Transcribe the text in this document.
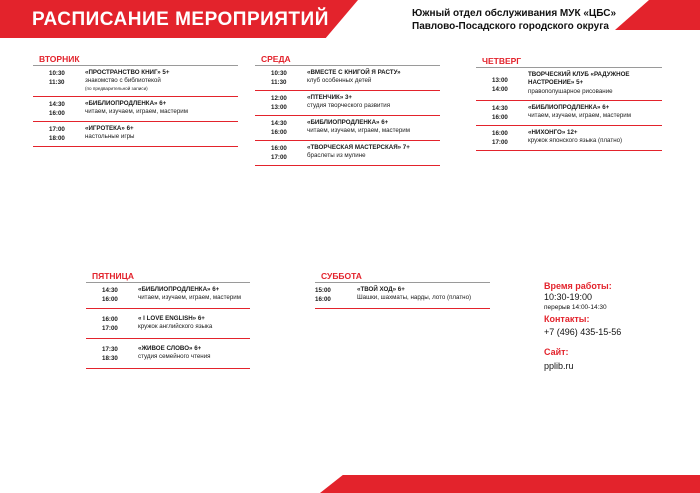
РАСПИСАНИЕ МЕРОПРИЯТИЙ	Южный отдел обслуживания МУК «ЦБС»
Павлово-Посадского городского округа
ВТОРНИК
10:30
11:30
«ПРОСТРАНСТВО КНИГ» 5+
знакомство с библиотекой
(по предварительной записи)
14:30
16:00
«БИБЛИОПРОДЛЕНКА» 6+
читаем, изучаем, играем, мастерим
17:00
18:00
«ИГРОТЕКА» 6+
настольные игры
СРЕДА
10:30
11:30
«ВМЕСТЕ С КНИГОЙ Я РАСТУ»
клуб особенных детей
12:00
13:00
«ПТЕНЧИК» 3+
студия творческого развития
14:30
16:00
«БИБЛИОПРОДЛЕНКА» 6+
читаем, изучаем, играем, мастерим
16:00
17:00
«ТВОРЧЕСКАЯ МАСТЕРСКАЯ» 7+
браслеты из мулине
ЧЕТВЕРГ
13:00
14:00
ТВОРЧЕСКИЙ КЛУБ «РАДУЖНОЕ НАСТРОЕНИЕ» 5+
правополушарное рисование
14:30
16:00
«БИБЛИОПРОДЛЕНКА» 6+
читаем, изучаем, играем, мастерим
16:00
17:00
«НИХОНГО» 12+
кружок японского языка (платно)
ПЯТНИЦА
14:30
16:00
«БИБЛИОПРОДЛЕНКА» 6+
читаем, изучаем, играем, мастерим
16:00
17:00
« I LOVE ENGLISH» 6+
кружок английского языка
17:30
18:30
«ЖИВОЕ СЛОВО» 6+
студия семейного чтения
СУББОТА
15:00
16:00
«ТВОЙ ХОД» 6+
Шашки, шахматы, нарды, лото (платно)
Время работы:
10:30-19:00
перерыв 14:00-14:30
Контакты:
+7 (496) 435-15-56
Сайт:
pplib.ru
